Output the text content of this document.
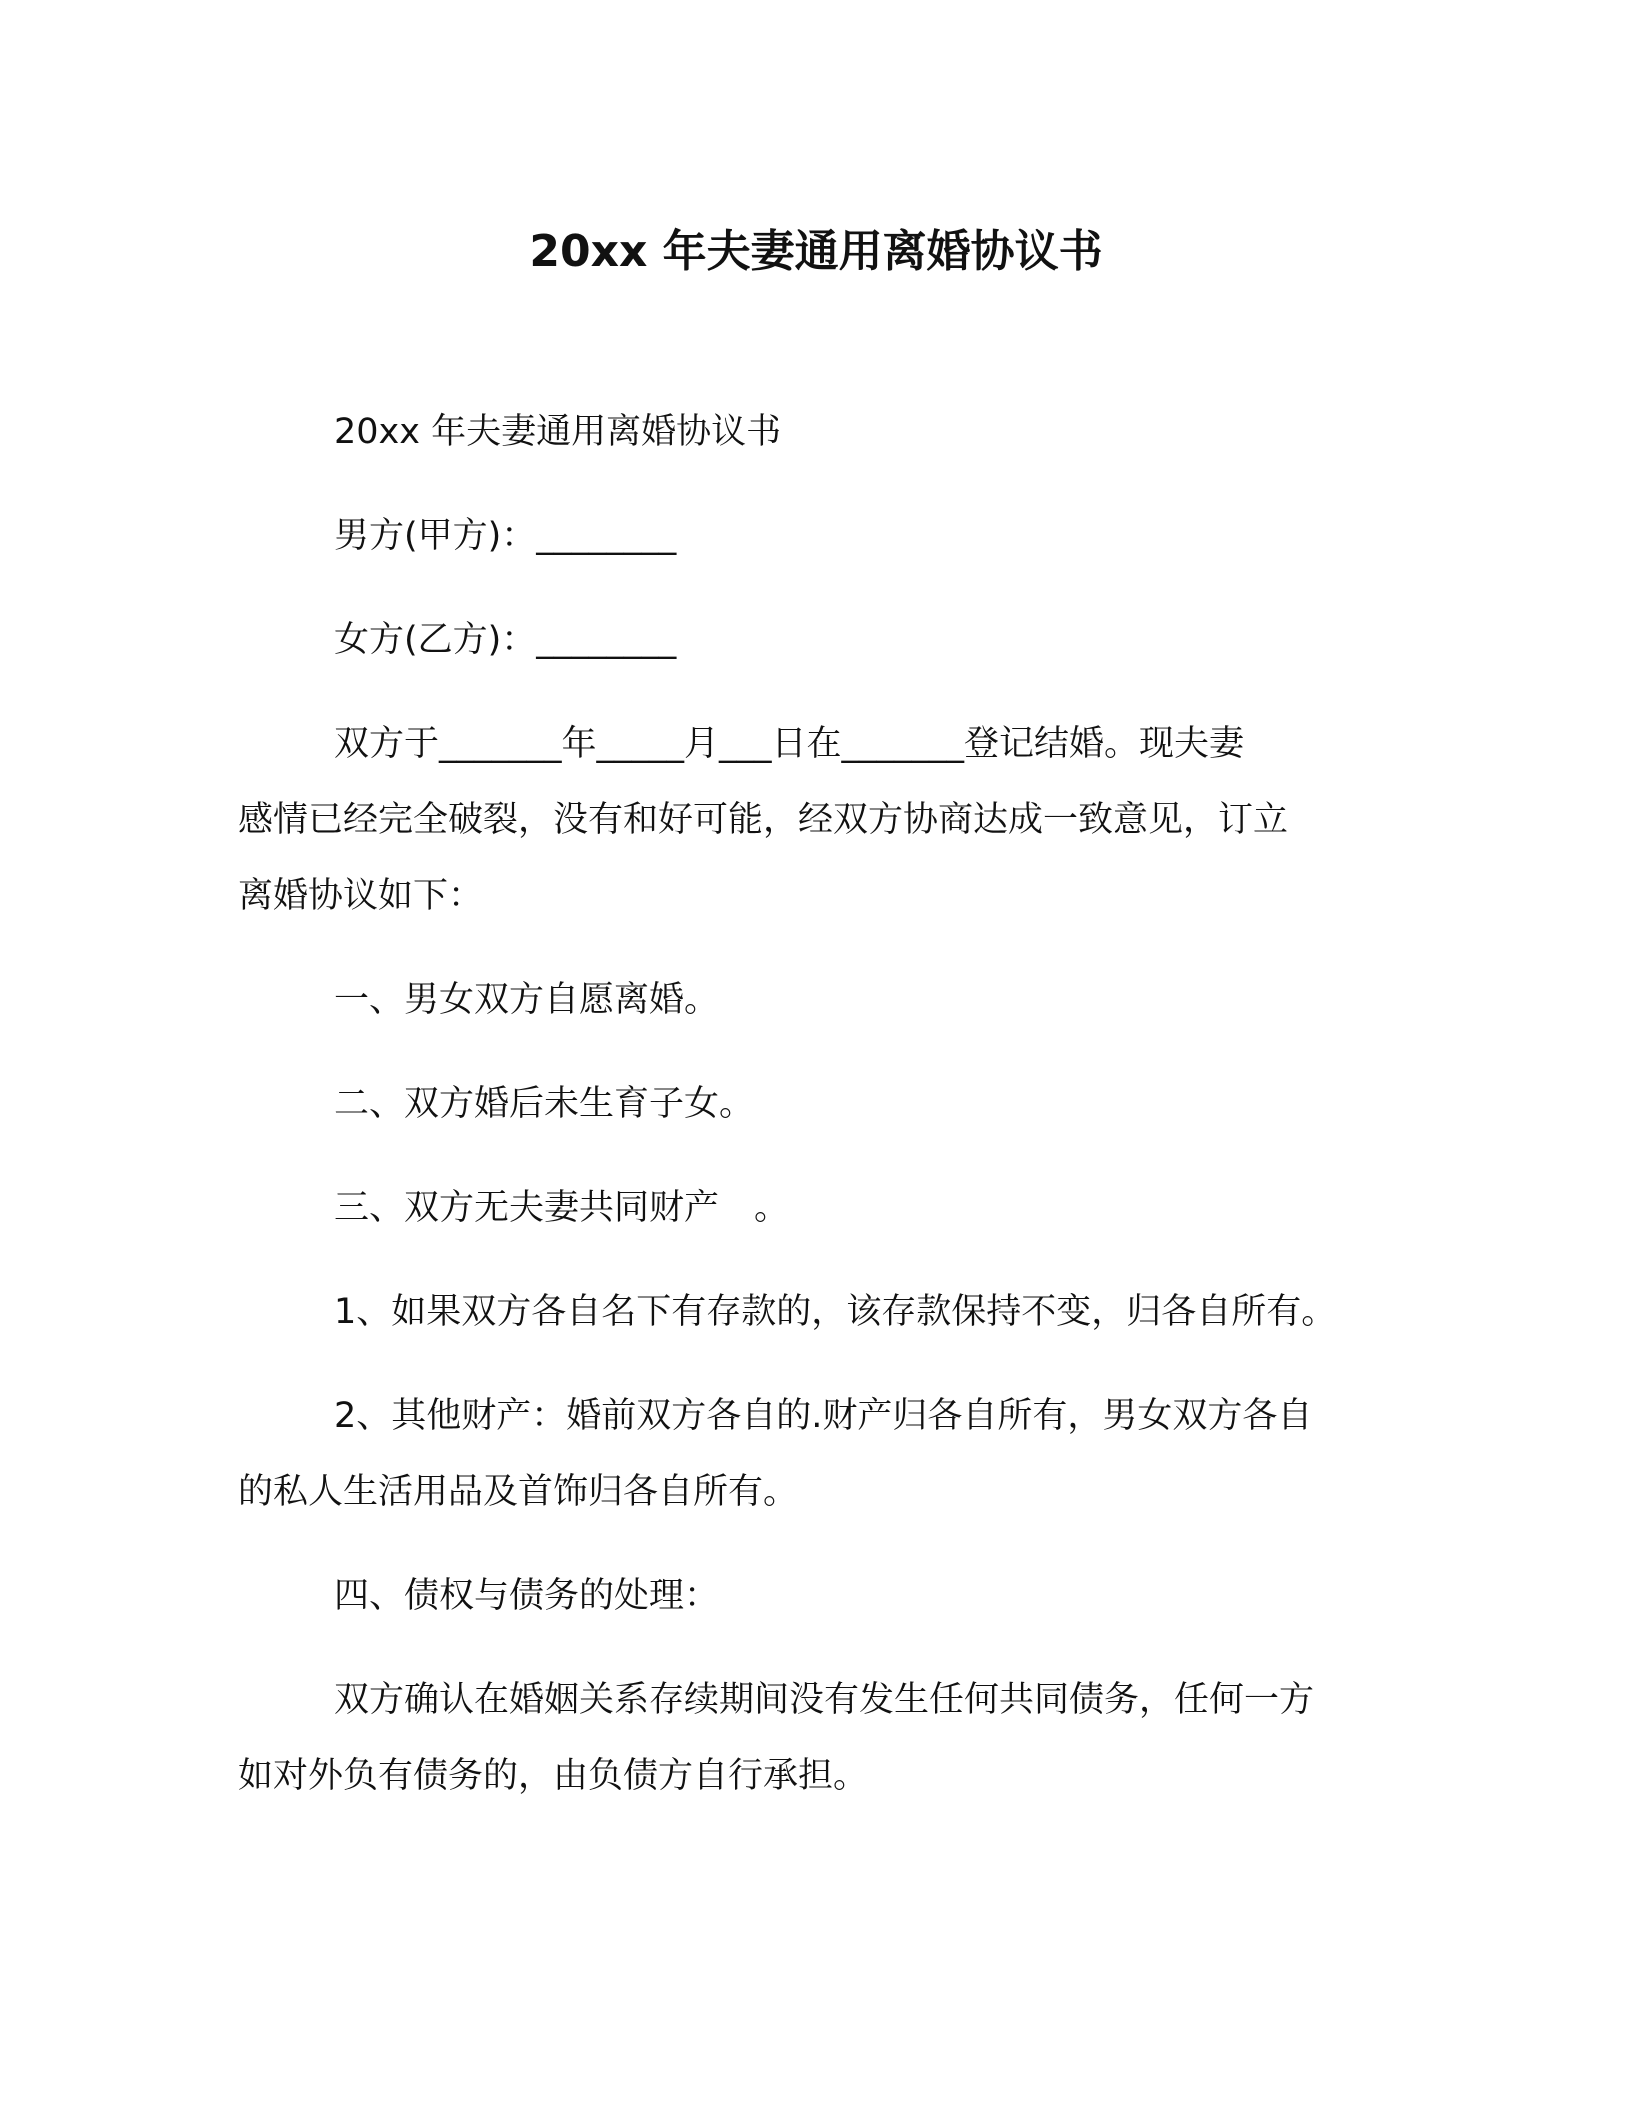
20xx 年夫妻通用离婚协议书

20xx 年夫妻通用离婚协议书

男方(甲方)：________

女方(乙方)：________

双方于_______年_____月___日在_______登记结婚。现夫妻
感情已经完全破裂，没有和好可能，经双方协商达成一致意见，订立
离婚协议如下：

一、男女双方自愿离婚。

二、双方婚后未生育子女。

三、双方无夫妻共同财产　。

1、如果双方各自名下有存款的，该存款保持不变，归各自所有。

2、其他财产：婚前双方各自的.财产归各自所有，男女双方各自
的私人生活用品及首饰归各自所有。

四、债权与债务的处理：

双方确认在婚姻关系存续期间没有发生任何共同债务，任何一方
如对外负有债务的，由负债方自行承担。
